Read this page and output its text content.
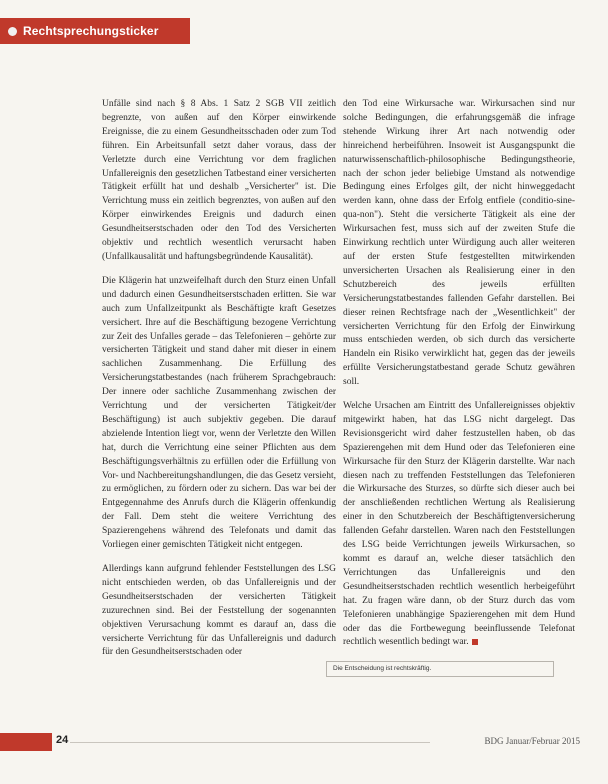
Rechtsprechungsticker

Unfälle sind nach § 8 Abs. 1 Satz 2 SGB VII zeitlich begrenzte, von außen auf den Körper einwirkende Ereignisse, die zu einem Gesundheitsschaden oder zum Tod führen. Ein Arbeitsunfall setzt daher voraus, dass der Verletzte durch eine Verrichtung vor dem fraglichen Unfallereignis den gesetzlichen Tatbestand einer versicherten Tätigkeit erfüllt hat und deshalb „Versicherter" ist. Die Verrichtung muss ein zeitlich begrenztes, von außen auf den Körper einwirkendes Ereignis und dadurch einen Gesundheitserstschaden oder den Tod des Versicherten objektiv und rechtlich wesentlich verursacht haben (Unfallkausalität und haftungsbegründende Kausalität).

Die Klägerin hat unzweifelhaft durch den Sturz einen Unfall und dadurch einen Gesundheitserstschaden erlitten. Sie war auch zum Unfallzeitpunkt als Beschäftigte kraft Gesetzes versichert. Ihre auf die Beschäftigung bezogene Verrichtung zur Zeit des Unfalles gerade – das Telefonieren – gehörte zur versicherten Tätigkeit und stand daher mit dieser in einem sachlichen Zusammenhang. Die Erfüllung des Versicherungstatbestandes (nach früherem Sprachgebrauch: Der innere oder sachliche Zusammenhang zwischen der Verrichtung und der versicherten Tätigkeit/der Beschäftigung) ist auch subjektiv gegeben. Die darauf abzielende Intention liegt vor, wenn der Verletzte den Willen hat, durch die Verrichtung eine seiner Pflichten aus dem Beschäftigungsverhältnis zu erfüllen oder die Erfüllung von Vor- und Nachbereitungshandlungen, die das Gesetz versieht, zu ermöglichen, zu fördern oder zu sichern. Das war bei der Entgegennahme des Anrufs durch die Klägerin offenkundig der Fall. Dem steht die weitere Verrichtung des Spazierengehens während des Telefonats und damit das Vorliegen einer gemischten Tätigkeit nicht entgegen.

Allerdings kann aufgrund fehlender Feststellungen des LSG nicht entschieden werden, ob das Unfallereignis und der Gesundheitserstschaden der versicherten Tätigkeit zuzurechnen sind. Bei der Feststellung der sogenannten objektiven Verursachung kommt es darauf an, dass die versicherte Verrichtung für das Unfallereignis und dadurch für den Gesundheitserstschaden oder

den Tod eine Wirkursache war. Wirkursachen sind nur solche Bedingungen, die erfahrungsgemäß die infrage stehende Wirkung ihrer Art nach notwendig oder hinreichend herbeiführen. Insoweit ist Ausgangspunkt die naturwissenschaftlich-philosophische Bedingungstheorie, nach der schon jeder beliebige Umstand als notwendige Bedingung eines Erfolges gilt, der nicht hinweggedacht werden kann, ohne dass der Erfolg entfiele (conditio-sine-qua-non"). Steht die versicherte Tätigkeit als eine der Wirkursachen fest, muss sich auf der zweiten Stufe die Einwirkung rechtlich unter Würdigung auch aller weiteren auf der ersten Stufe festgestellten mitwirkenden unversicherten Ursachen als Realisierung einer in den Schutzbereich des jeweils erfüllten Versicherungstatbestandes fallenden Gefahr darstellen. Bei dieser reinen Rechtsfrage nach der „Wesentlichkeit" der versicherten Verrichtung für den Erfolg der Einwirkung muss entschieden werden, ob sich durch das versicherte Handeln ein Risiko verwirklicht hat, gegen das der jeweils erfüllte Versicherungstatbestand gerade Schutz gewähren soll.

Welche Ursachen am Eintritt des Unfallereignisses objektiv mitgewirkt haben, hat das LSG nicht dargelegt. Das Revisionsgericht wird daher festzustellen haben, ob das Spazierengehen mit dem Hund oder das Telefonieren eine Wirkursache für den Sturz der Klägerin darstellte. War nach diesen nach zu treffenden Feststellungen das Telefonieren die Wirkursache des Sturzes, so dürfte sich dieser auch bei der anschließenden rechtlichen Wertung als Realisierung einer in den Schutzbereich der Beschäftigtenversicherung fallenden Gefahr darstellen. Waren nach den Feststellungen des LSG beide Verrichtungen jeweils Wirkursachen, so kommt es darauf an, welche dieser tatsächlich den Verrichtungen das Unfallereignis und den Gesundheitserstschaden rechtlich wesentlich herbeigeführt hat. Zu fragen wäre dann, ob der Sturz durch das vom Telefonieren unabhängige Spazierengehen mit dem Hund oder das die Fortbewegung beeinflussende Telefonat rechtlich wesentlich bedingt war.

Die Entscheidung ist rechtskräftig.
24	BDG Januar/Februar 2015
